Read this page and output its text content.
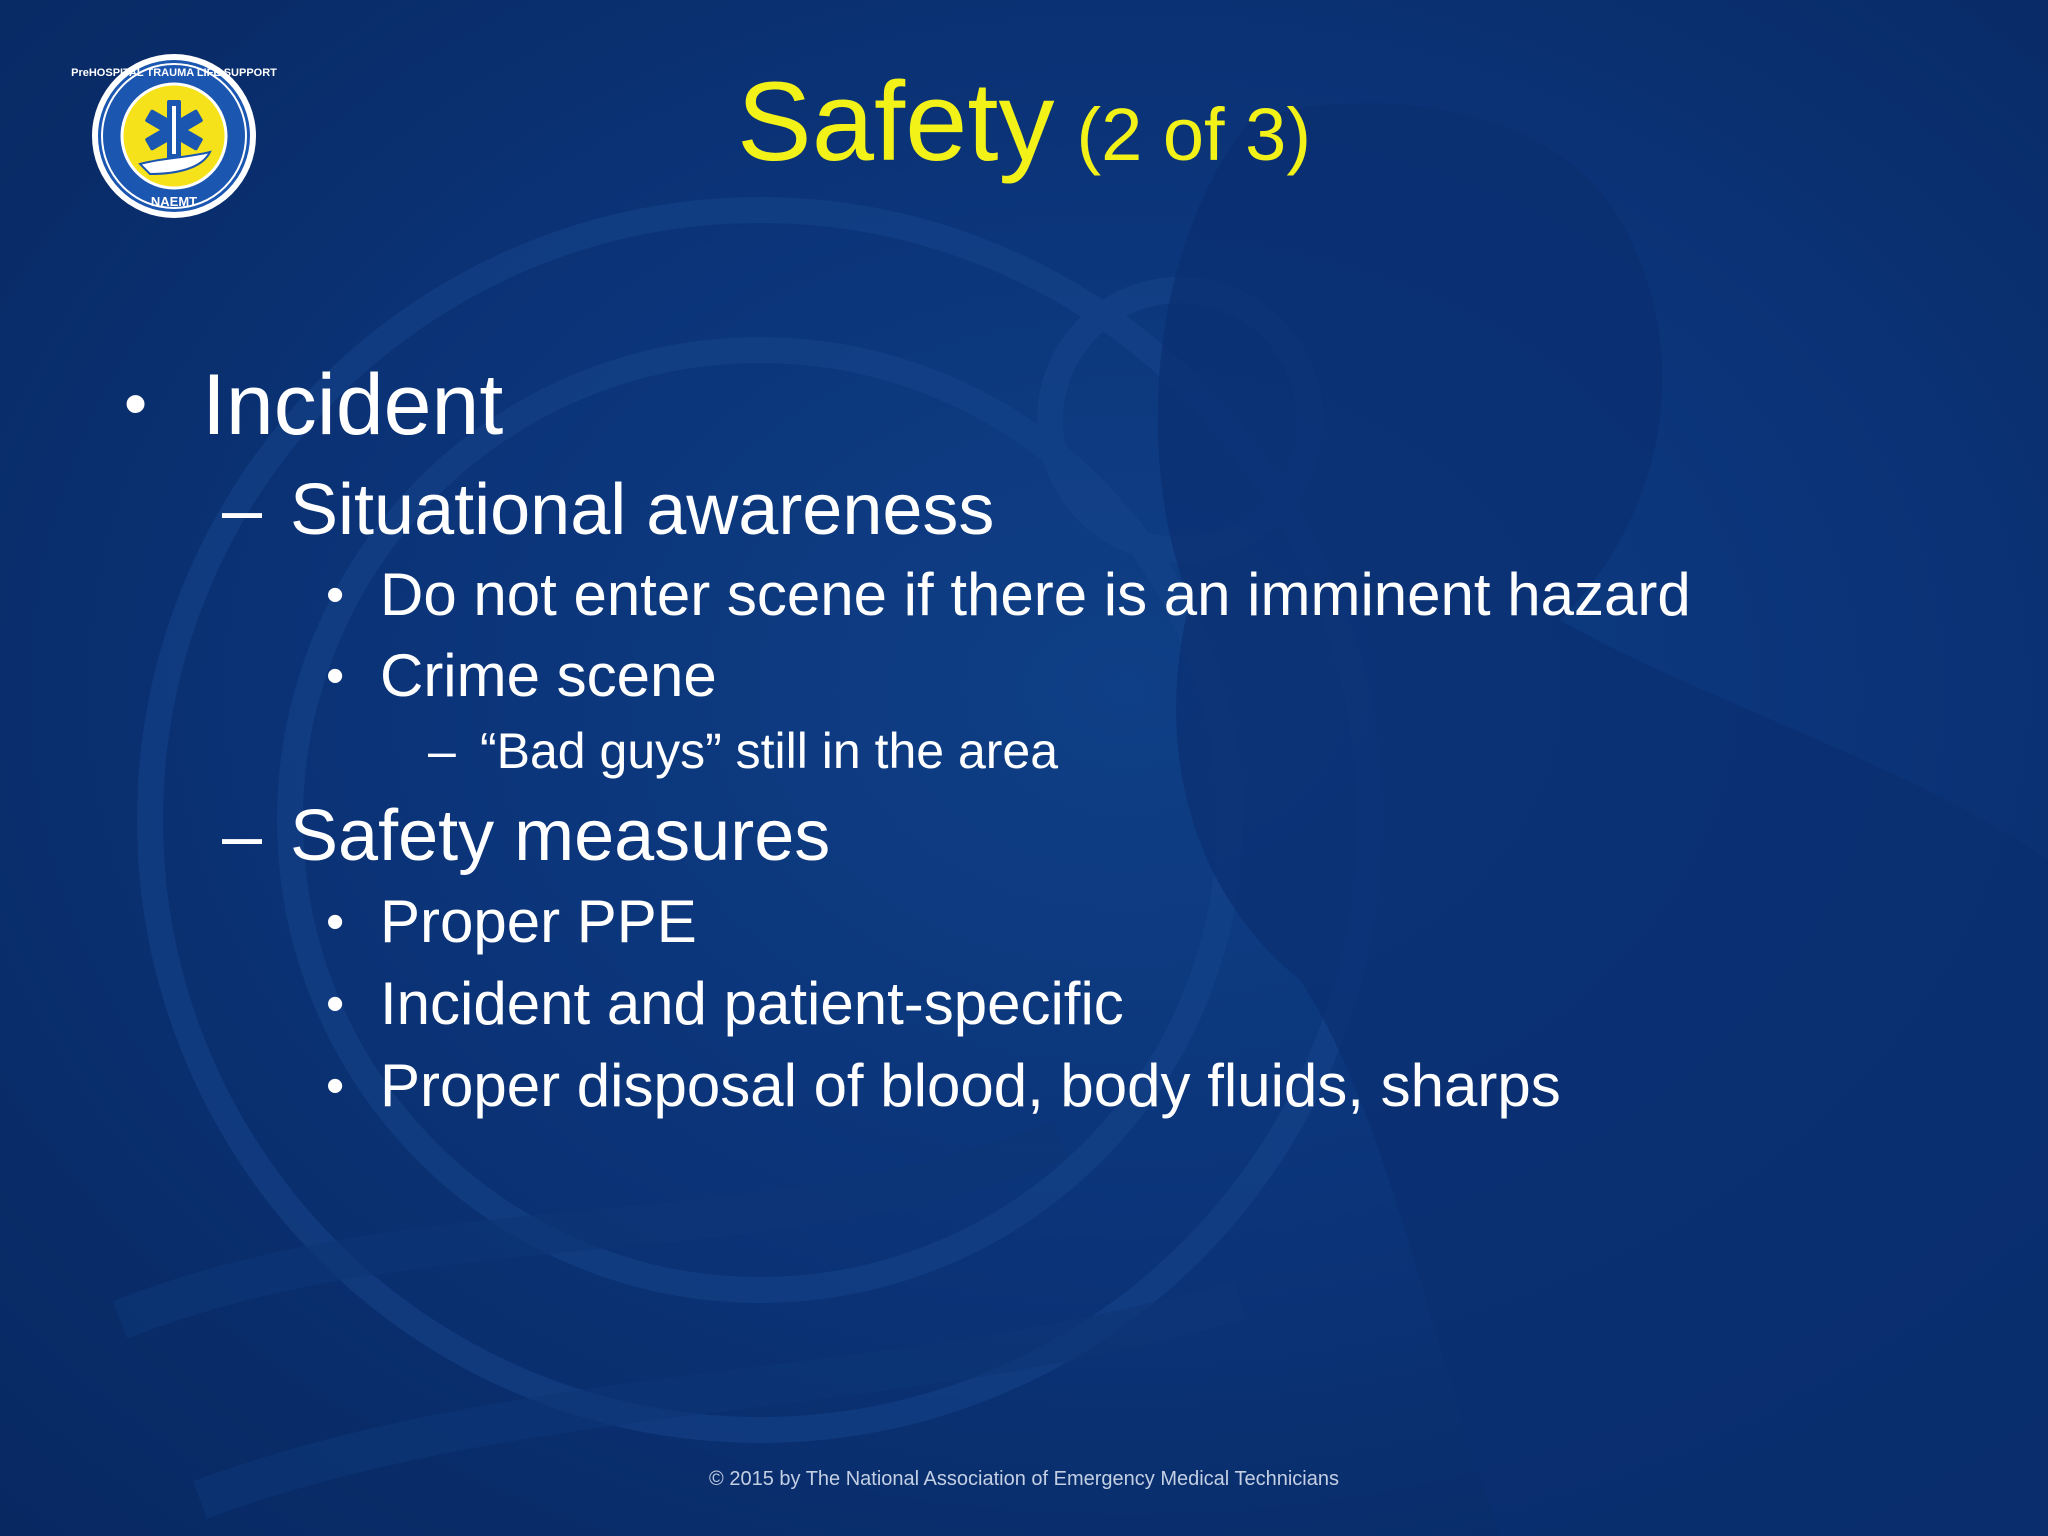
PreHOSPITAL TRAUMA LIFE SUPPORT
NAEMT
Safety (2 of 3)
• Incident
– Situational awareness
• Do not enter scene if there is an imminent hazard
• Crime scene
– “Bad guys” still in the area
– Safety measures
• Proper PPE
• Incident and patient-specific
• Proper disposal of blood, body fluids, sharps
© 2015 by The National Association of Emergency Medical Technicians
